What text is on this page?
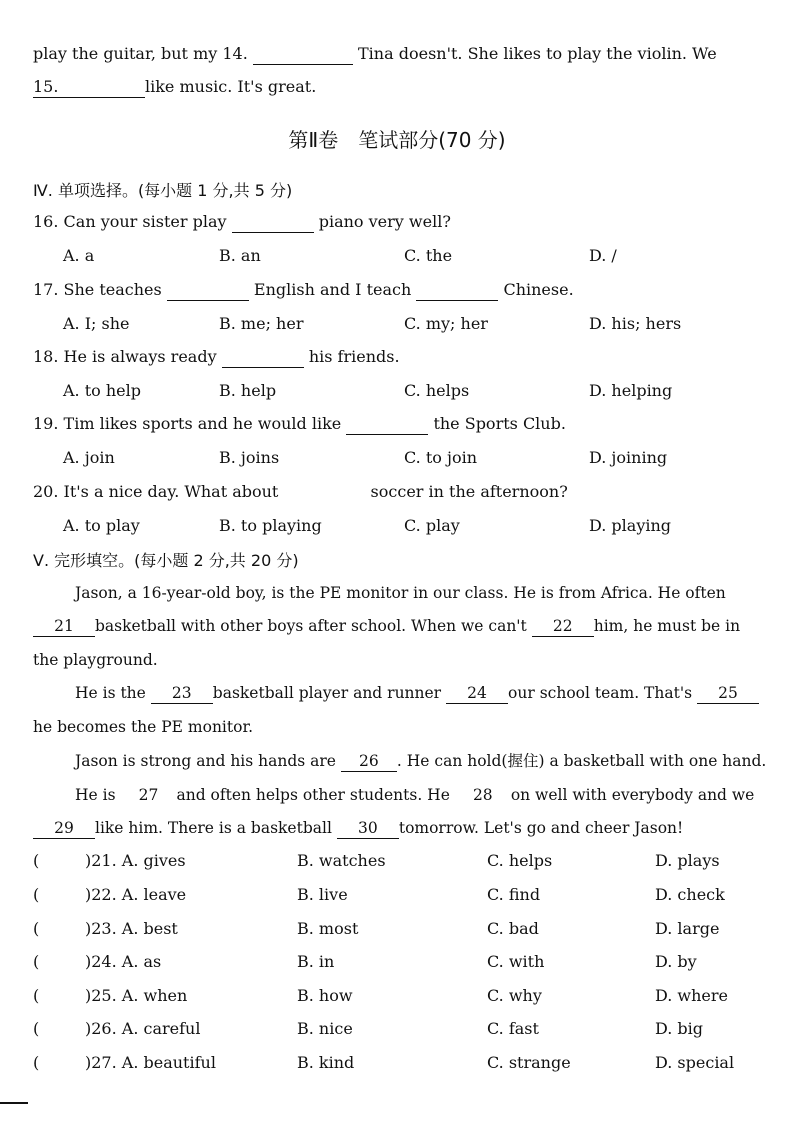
play the guitar, but my 14.	Tina doesn't. She likes to play the violin. We
15.	like music. It's great.
第Ⅱ卷　笔试部分(70 分)
Ⅳ. 单项选择。(每小题 1 分,共 5 分)
16. Can your sister play	piano very well?
A. a	B. an	C. the	D. /
17. She teaches	English and I teach	Chinese.
A. I; she	B. me; her	C. my; her	D. his; hers
18. He is always ready	his friends.
A. to help	B. help	C. helps	D. helping
19. Tim likes sports and he would like	the Sports Club.
A. join	B. joins	C. to join	D. joining
20. It's a nice day. What about	soccer in the afternoon?
A. to play	B. to playing	C. play	D. playing
Ⅴ. 完形填空。(每小题 2 分,共 20 分)
Jason, a 16-year-old boy, is the PE monitor in our class. He is from Africa. He often
21 basketball with other boys after school. When we can't 22 him, he must be in
the playground.
He is the 23 basketball player and runner 24 our school team. That's 25
he becomes the PE monitor.
Jason is strong and his hands are 26 . He can hold(握住) a basketball with one hand.
He is 27 and often helps other students. He 28 on well with everybody and we
29 like him. There is a basketball 30 tomorrow. Let's go and cheer Jason!
(	)21. A. gives	B. watches	C. helps	D. plays
(	)22. A. leave	B. live	C. find	D. check
(	)23. A. best	B. most	C. bad	D. large
(	)24. A. as	B. in	C. with	D. by
(	)25. A. when	B. how	C. why	D. where
(	)26. A. careful	B. nice	C. fast	D. big
(	)27. A. beautiful	B. kind	C. strange	D. special
